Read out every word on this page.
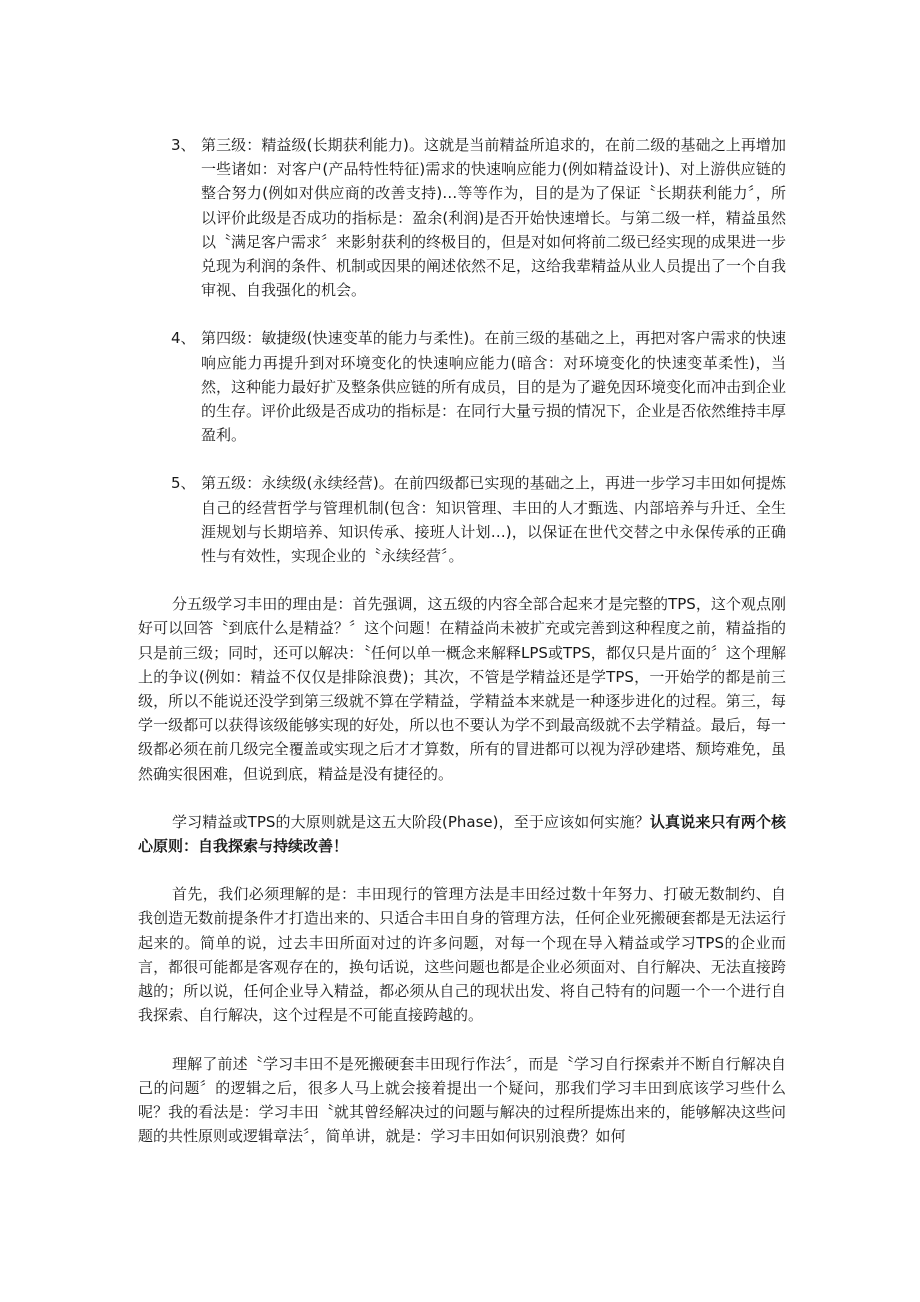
3、 第三级：精益级(长期获利能力)。这就是当前精益所追求的，在前二级的基础之上再增加一些诸如：对客户(产品特性特征)需求的快速响应能力(例如精益设计)、对上游供应链的整合努力(例如对供应商的改善支持)…等等作为，目的是为了保证〝长期获利能力〞，所以评价此级是否成功的指标是：盈余(利润)是否开始快速增长。与第二级一样，精益虽然以〝满足客户需求〞来影射获利的终极目的，但是对如何将前二级已经实现的成果进一步兑现为利润的条件、机制或因果的阐述依然不足，这给我辈精益从业人员提出了一个自我审视、自我强化的机会。
4、 第四级：敏捷级(快速变革的能力与柔性)。在前三级的基础之上，再把对客户需求的快速响应能力再提升到对环境变化的快速响应能力(暗含：对环境变化的快速变革柔性)，当然，这种能力最好扩及整条供应链的所有成员，目的是为了避免因环境变化而冲击到企业的生存。评价此级是否成功的指标是：在同行大量亏损的情况下，企业是否依然维持丰厚盈利。
5、 第五级：永续级(永续经营)。在前四级都已实现的基础之上，再进一步学习丰田如何提炼自己的经营哲学与管理机制(包含：知识管理、丰田的人才甄选、内部培养与升迁、全生涯规划与长期培养、知识传承、接班人计划…)，以保证在世代交替之中永保传承的正确性与有效性，实现企业的〝永续经营〞。
分五级学习丰田的理由是：首先强调，这五级的内容全部合起来才是完整的TPS，这个观点刚好可以回答〝到底什么是精益？〞这个问题！在精益尚未被扩充或完善到这种程度之前，精益指的只是前三级；同时，还可以解决：〝任何以单一概念来解释LPS或TPS，都仅只是片面的〞这个理解上的争议(例如：精益不仅仅是排除浪费)；其次，不管是学精益还是学TPS，一开始学的都是前三级，所以不能说还没学到第三级就不算在学精益，学精益本来就是一种逐步进化的过程。第三，每学一级都可以获得该级能够实现的好处，所以也不要认为学不到最高级就不去学精益。最后，每一级都必须在前几级完全覆盖或实现之后才才算数，所有的冒进都可以视为浮砂建塔、颓垮难免，虽然确实很困难，但说到底，精益是没有捷径的。
学习精益或TPS的大原则就是这五大阶段(Phase)，至于应该如何实施？认真说来只有两个核心原则：自我探索与持续改善！
首先，我们必须理解的是：丰田现行的管理方法是丰田经过数十年努力、打破无数制约、自我创造无数前提条件才打造出来的、只适合丰田自身的管理方法，任何企业死搬硬套都是无法运行起来的。简单的说，过去丰田所面对过的许多问题，对每一个现在导入精益或学习TPS的企业而言，都很可能都是客观存在的，换句话说，这些问题也都是企业必须面对、自行解决、无法直接跨越的；所以说，任何企业导入精益，都必须从自己的现状出发、将自己特有的问题一个一个进行自我探索、自行解决，这个过程是不可能直接跨越的。
理解了前述〝学习丰田不是死搬硬套丰田现行作法〞，而是〝学习自行探索并不断自行解决自己的问题〞的逻辑之后，很多人马上就会接着提出一个疑问，那我们学习丰田到底该学习些什么呢？我的看法是：学习丰田〝就其曾经解决过的问题与解决的过程所提炼出来的，能够解决这些问题的共性原则或逻辑章法〞，简单讲，就是：学习丰田如何识别浪费？如何
